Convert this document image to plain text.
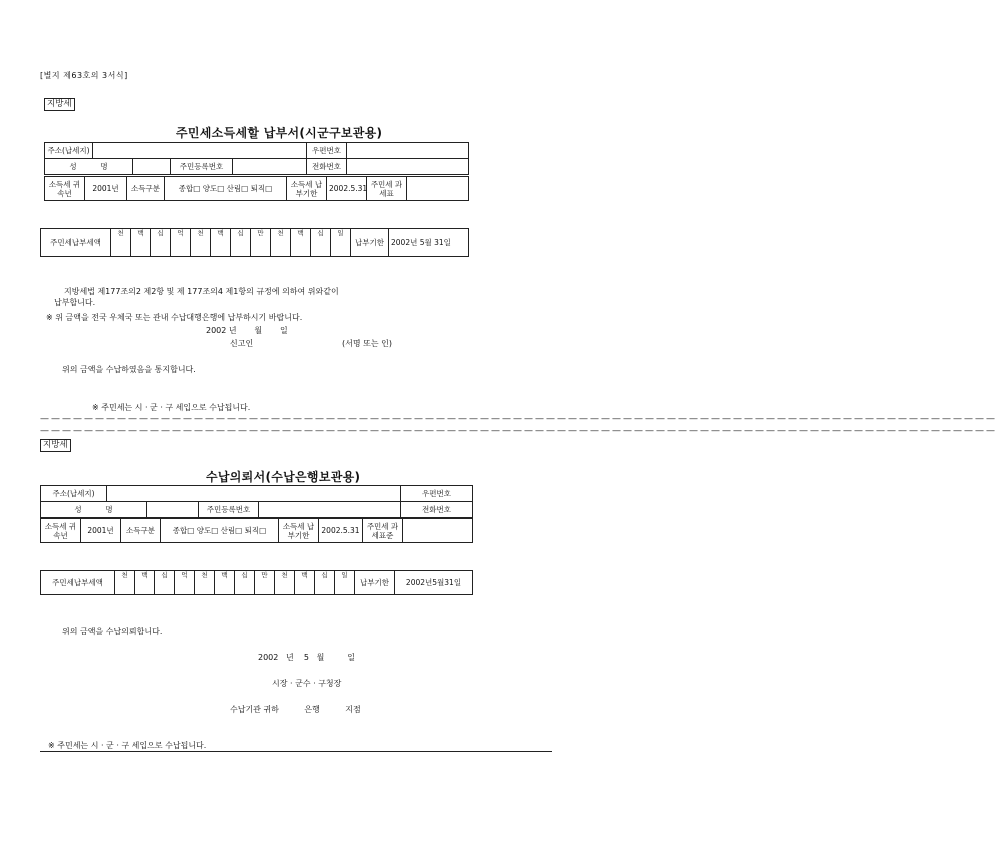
[별지 제63호의 3서식]
지방세
주민세소득세할 납부서(시군구보관용)
주소(납세지)					우편번호	
성          명			주민등록번호		전화번호	
소득세 귀속년	2001년	소득구분	종합□ 양도□ 산림□ 퇴직□	소득세 납부기한	2002.5.31	주민세 과세표	
주민세납부세액	천	백	십	억	천	백	십	만	천	백	십	일	납부기한	2002년 5월 31일
지방세법 제177조의2 제2항 및 제 177조의4 제1항의 규정에 의하여 위와같이
납부합니다.
※ 위 금액을 전국 우체국 또는 관내 수납대행은행에 납부하시기 바랍니다.
2002 년       월       일
신고인	(서명 또는 인)
위의 금액을 수납하였음을 통지합니다.
※ 주민세는 시 · 군 · 구 세입으로 수납됩니다.
———————————————————————————————————————————————————————————————————————————————————————
———————————————————————————————————————————————————————————————————————————————————————
지방세
수납의뢰서(수납은행보관용)
주소(납세지)					우편번호
성          명			주민등록번호		전화번호
소득세 귀속년	2001년	소득구분	종합□ 양도□ 산림□ 퇴직□	소득세 납부기한	2002.5.31	주민세 과세표준	
주민세납부세액	천	백	십	억	천	백	십	만	천	백	십	일	납부기한	2002년5월31일
위의 금액을 수납의뢰합니다.
2002   년    5   월         일
시장 · 군수 · 구청장
수납기관 귀하          은행          지점
※ 주민세는 시 · 군 · 구 세입으로 수납됩니다.
